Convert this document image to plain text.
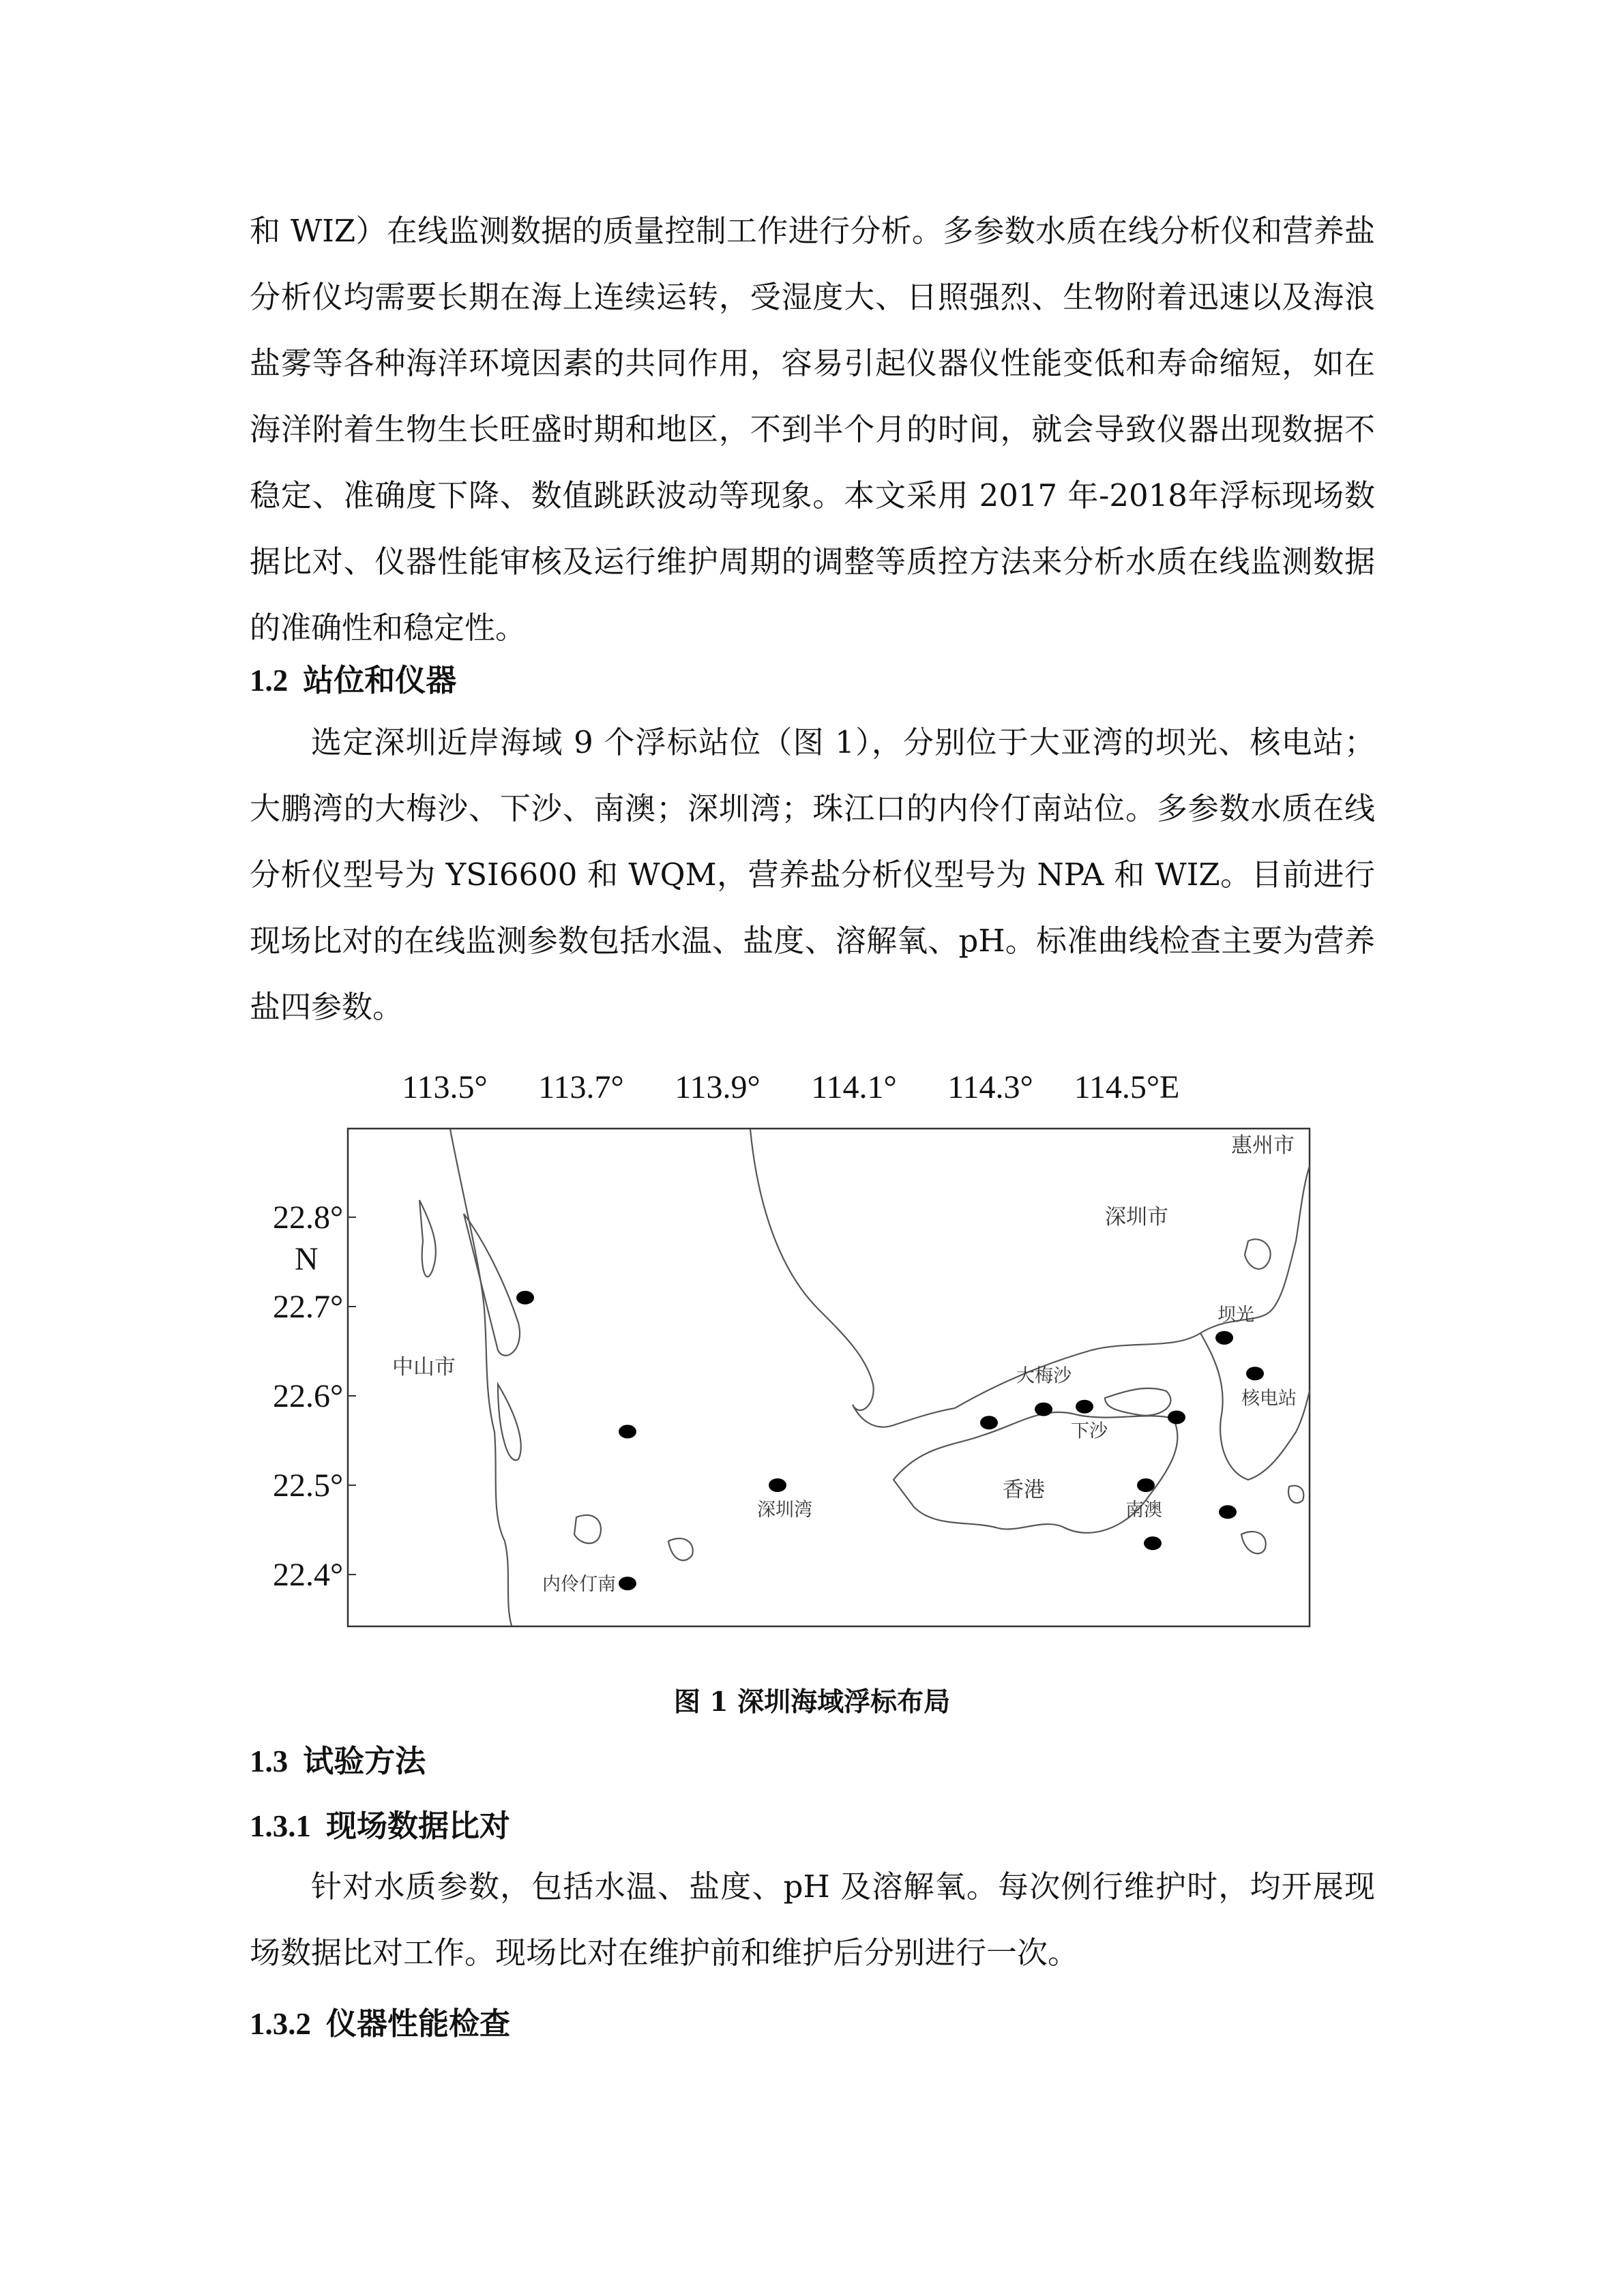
和 WIZ）在线监测数据的质量控制工作进行分析。多参数水质在线分析仪和营养盐分析仪均需要长期在海上连续运转，受湿度大、日照强烈、生物附着迅速以及海浪盐雾等各种海洋环境因素的共同作用，容易引起仪器仪性能变低和寿命缩短，如在海洋附着生物生长旺盛时期和地区，不到半个月的时间，就会导致仪器出现数据不稳定、准确度下降、数值跳跃波动等现象。本文采用 2017 年-2018年浮标现场数据比对、仪器性能审核及运行维护周期的调整等质控方法来分析水质在线监测数据的准确性和稳定性。

1.2 站位和仪器

选定深圳近岸海域 9 个浮标站位（图 1），分别位于大亚湾的坝光、核电站；大鹏湾的大梅沙、下沙、南澳；深圳湾；珠江口的内伶仃南站位。多参数水质在线分析仪型号为 YSI6600 和 WQM，营养盐分析仪型号为 NPA 和 WIZ。目前进行现场比对的在线监测参数包括水温、盐度、溶解氧、pH。标准曲线检查主要为营养盐四参数。

113.5° 113.7° 113.9° 114.1° 114.3° 114.5°E
22.8°
22.7°
22.6°
22.5°
22.4°
N
深圳市
惠州市
中山市
香港
深圳湾
内伶仃南
大梅沙
下沙
南澳
坝光
核电站

图 1 深圳海域浮标布局

1.3 试验方法
1.3.1 现场数据比对

针对水质参数，包括水温、盐度、pH 及溶解氧。每次例行维护时，均开展现场数据比对工作。现场比对在维护前和维护后分别进行一次。

1.3.2 仪器性能检查
